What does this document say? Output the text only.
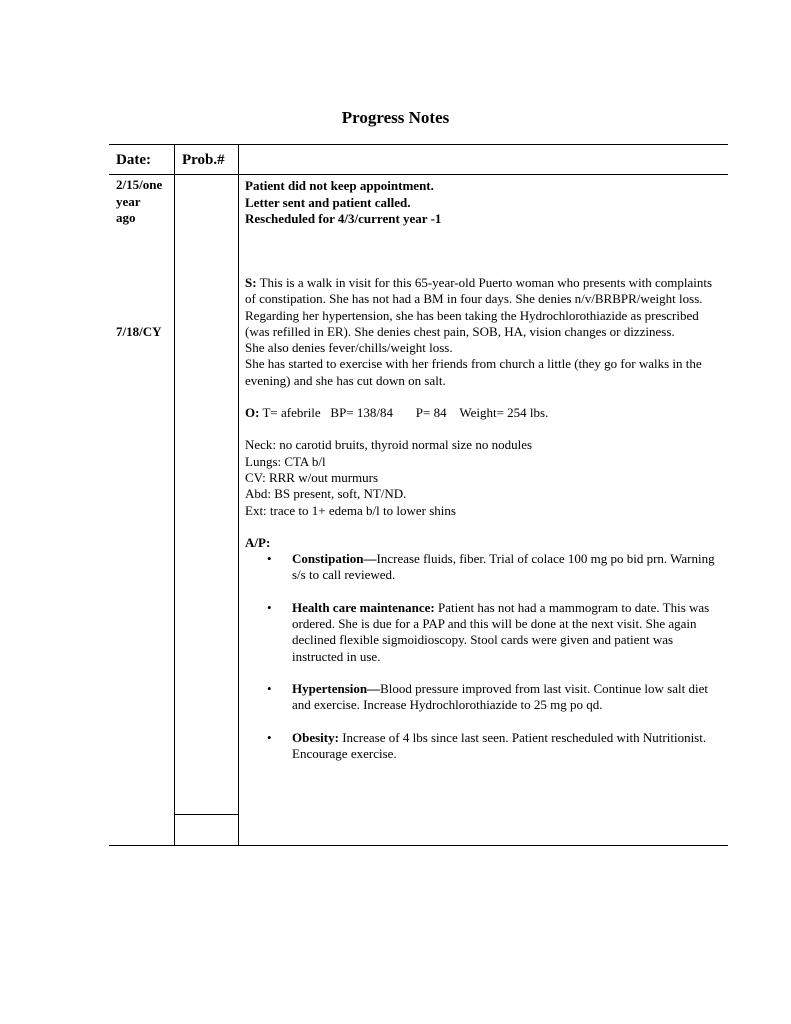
Progress Notes
Date: Prob.#
2/15/one
year
ago
Patient did not keep appointment.
Letter sent and patient called.
Rescheduled for 4/3/current year -1
7/18/CY

S: This is a walk in visit for this 65-year-old Puerto woman who presents with complaints of constipation. She has not had a BM in four days. She denies n/v/BRBPR/weight loss. Regarding her hypertension, she has been taking the Hydrochlorothiazide as prescribed (was refilled in ER). She denies chest pain, SOB, HA, vision changes or dizziness.

She also denies fever/chills/weight loss.

She has started to exercise with her friends from church a little (they go for walks in the evening) and she has cut down on salt.

O: T= afebrile   BP= 138/84       P= 84    Weight= 254 lbs.

Neck: no carotid bruits, thyroid normal size no nodules

Lungs: CTA b/l

CV: RRR w/out murmurs

Abd: BS present, soft, NT/ND.

Ext: trace to 1+ edema b/l to lower shins

A/P:

• Constipation—Increase fluids, fiber. Trial of colace 100 mg po bid prn. Warning s/s to call reviewed.
• Health care maintenance: Patient has not had a mammogram to date. This was ordered. She is due for a PAP and this will be done at the next visit. She again declined flexible sigmoidioscopy. Stool cards were given and patient was instructed in use.
• Hypertension—Blood pressure improved from last visit. Continue low salt diet and exercise. Increase Hydrochlorothiazide to 25 mg po qd.
• Obesity: Increase of 4 lbs since last seen. Patient rescheduled with Nutritionist. Encourage exercise.
